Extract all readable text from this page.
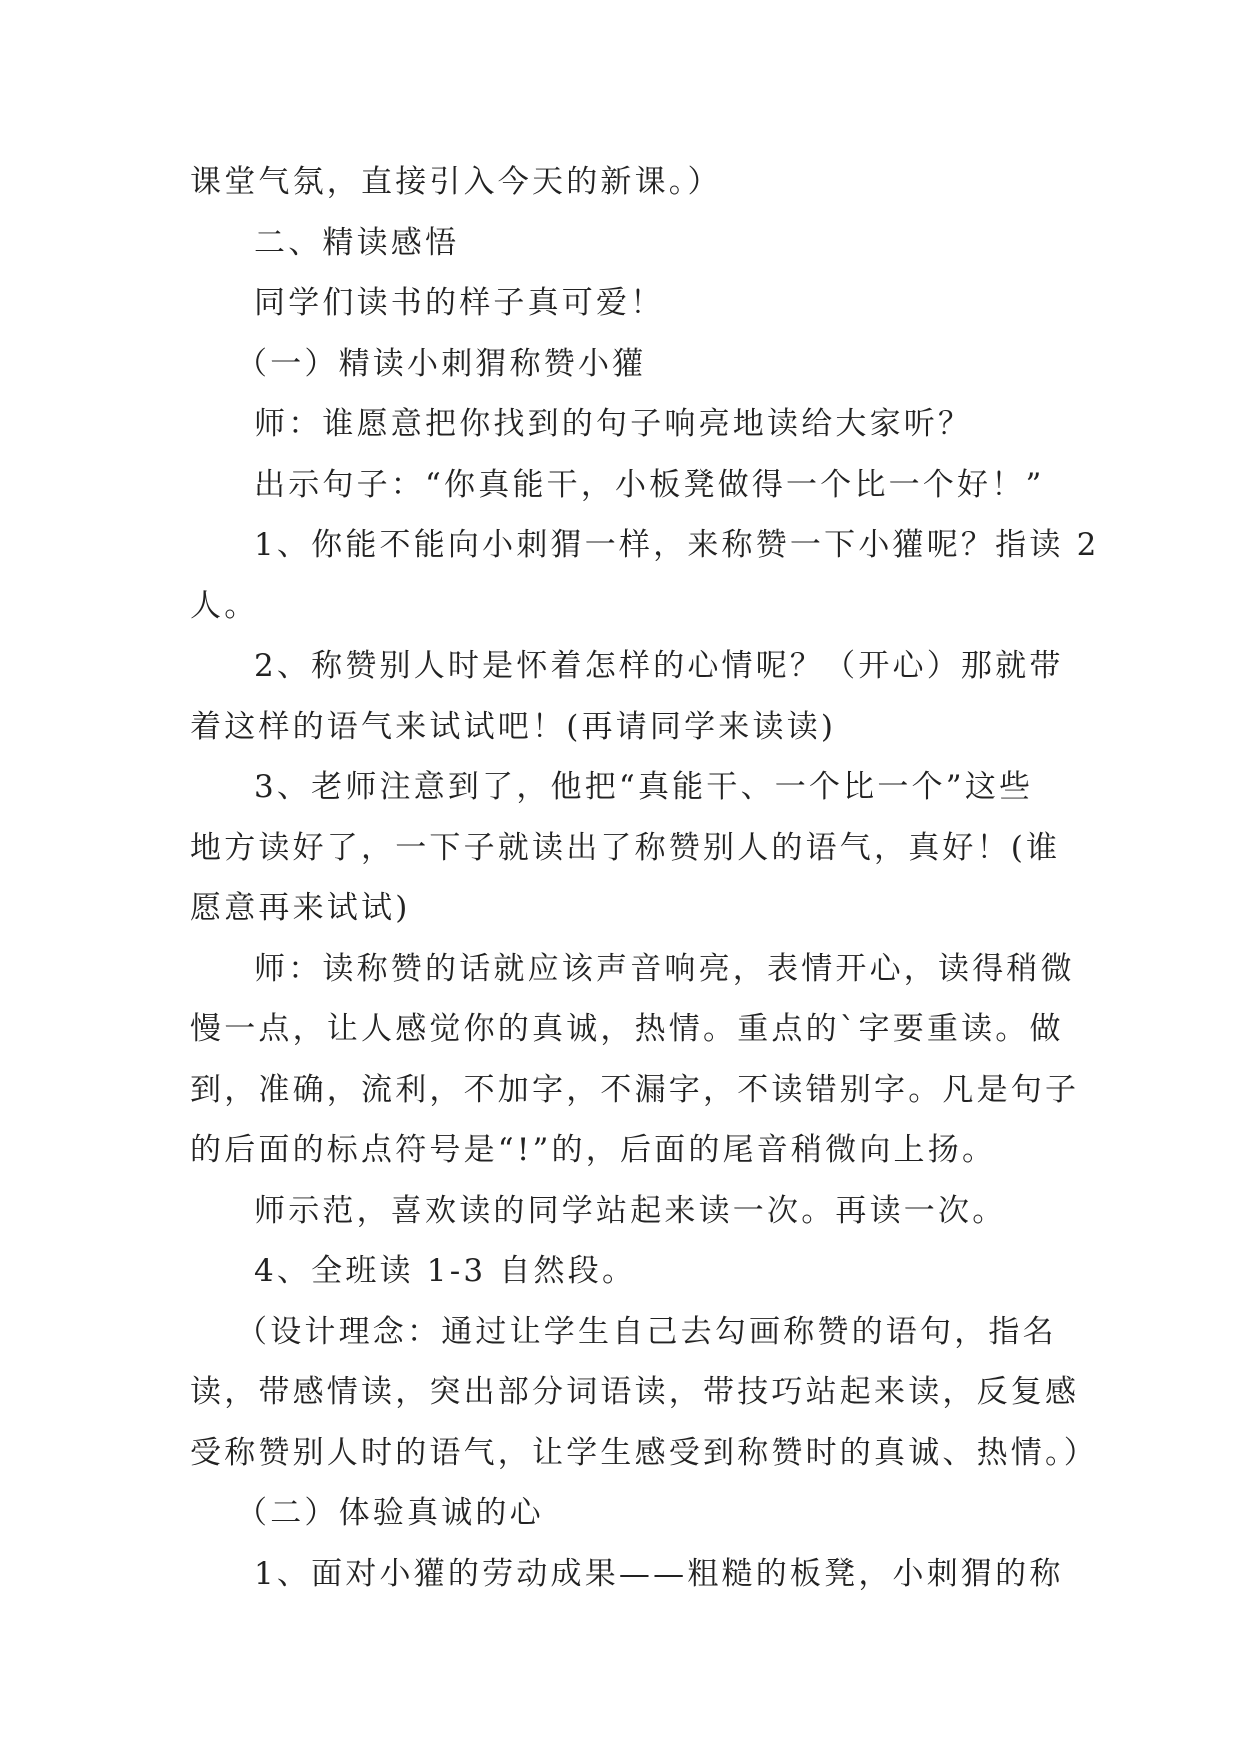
课堂气氛，直接引入今天的新课。）
二、精读感悟
同学们读书的样子真可爱！
（一）精读小刺猬称赞小獾
师：谁愿意把你找到的句子响亮地读给大家听？
出示句子：“你真能干，小板凳做得一个比一个好！”
1、你能不能向小刺猬一样，来称赞一下小獾呢？指读 2
人。
2、称赞别人时是怀着怎样的心情呢？（开心）那就带
着这样的语气来试试吧！(再请同学来读读)
3、老师注意到了，他把“真能干、一个比一个”这些
地方读好了，一下子就读出了称赞别人的语气，真好！(谁
愿意再来试试)
师：读称赞的话就应该声音响亮，表情开心，读得稍微
慢一点，让人感觉你的真诚，热情。重点的`字要重读。做
到，准确，流利，不加字，不漏字，不读错别字。凡是句子
的后面的标点符号是“!”的，后面的尾音稍微向上扬。
师示范，喜欢读的同学站起来读一次。再读一次。
4、全班读 1-3 自然段。
（设计理念：通过让学生自己去勾画称赞的语句，指名
读，带感情读，突出部分词语读，带技巧站起来读，反复感
受称赞别人时的语气，让学生感受到称赞时的真诚、热情。）
（二）体验真诚的心
1、面对小獾的劳动成果——粗糙的板凳，小刺猬的称
